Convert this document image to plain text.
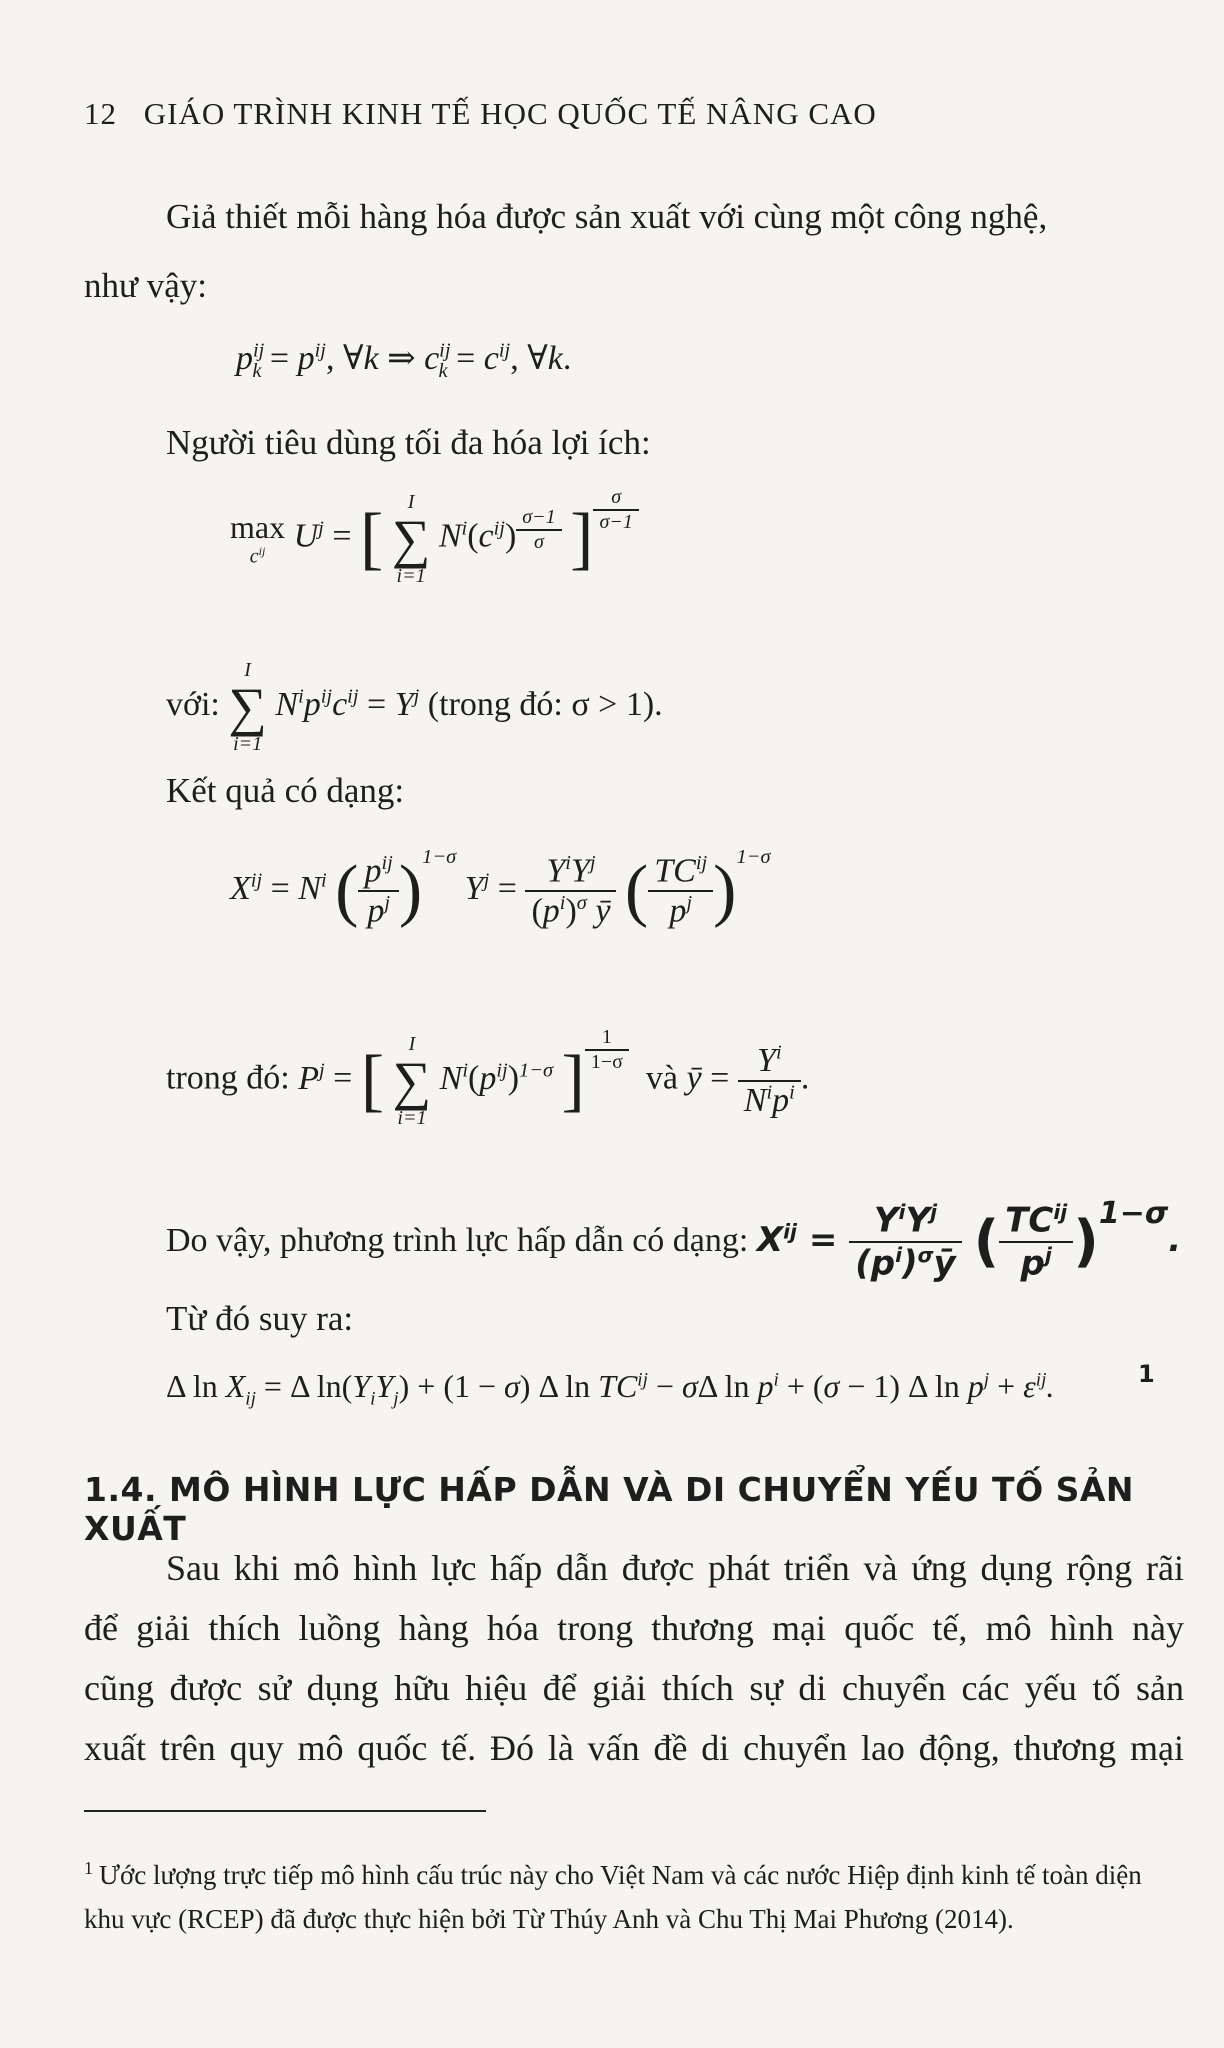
12 GIÁO TRÌNH KINH TẾ HỌC QUỐC TẾ NÂNG CAO
Giả thiết mỗi hàng hóa được sản xuất với cùng một công nghệ,
như vậy:
$p^{ij}_k = p^{ij}$, ∀k ⇒ $c^{ij}_k = c^{ij}$, ∀k.
Người tiêu dùng tối đa hóa lợi ích:
max
$c^{ij}$ $U^j$ = [	I
∑
i=1
$N^i(c^{ij})$ $^{\frac{\sigma-1}{\sigma}}$ ] $^{\frac{\sigma}{\sigma-1}}$
với:
I
∑
i=1
$N^ip^{ij}c^{ij} = Y^j$ (trong đó: σ > 1).
Kết quả có dạng:
$X^{ij} = N^i$ ( $\frac{p^{ij}}{p^j} )^{1-\sigma}$ $Y^j = \frac{Y^iY^j}{(p^i)^\sigma ȳ}$ ( $\frac{TC^{ij}}{p^j} )^{1-\sigma}$
trong đó: $P^j$ = [	I
∑
i=1
$N^i(p^{ij})^{1-\sigma}$ ] $^{\frac{1}{1-\sigma}}$
và ȳ = $\frac{Y^i}{N^ip^i}$ .
Do vậy, phương trình lực hấp dẫn có dạng: $X^{ij} = \frac{Y^iY^j}{(p^i)^\sigma ȳ}$ ( $\frac{TC^{ij}}{p^j} )^{1-\sigma}$.
Từ đó suy ra:
Δ $\ln X_{ij} = \Delta$ $\ln(Y_iY_j) + (1 - \sigma)$ Δ $\ln TC^{ij} - \sigma\Delta$ $\ln p^i + (\sigma - 1)$ Δ $\ln p^j + \varepsilon^{ij}$.	1
1.4. MÔ HÌNH LỰC HẤP DẪN VÀ DI CHUYỂN YẾU TỐ SẢN XUẤT
Sau khi mô hình lực hấp dẫn được phát triển và ứng dụng rộng rãi
để giải thích luồng hàng hóa trong thương mại quốc tế, mô hình này
cũng được sử dụng hữu hiệu để giải thích sự di chuyển các yếu tố sản
xuất trên quy mô quốc tế. Đó là vấn đề di chuyển lao động, thương mại
$^1$ Ước lượng trực tiếp mô hình cấu trúc này cho Việt Nam và các nước Hiệp định kinh tế toàn diện
khu vực (RCEP) đã được thực hiện bởi Từ Thúy Anh và Chu Thị Mai Phương (2014).
